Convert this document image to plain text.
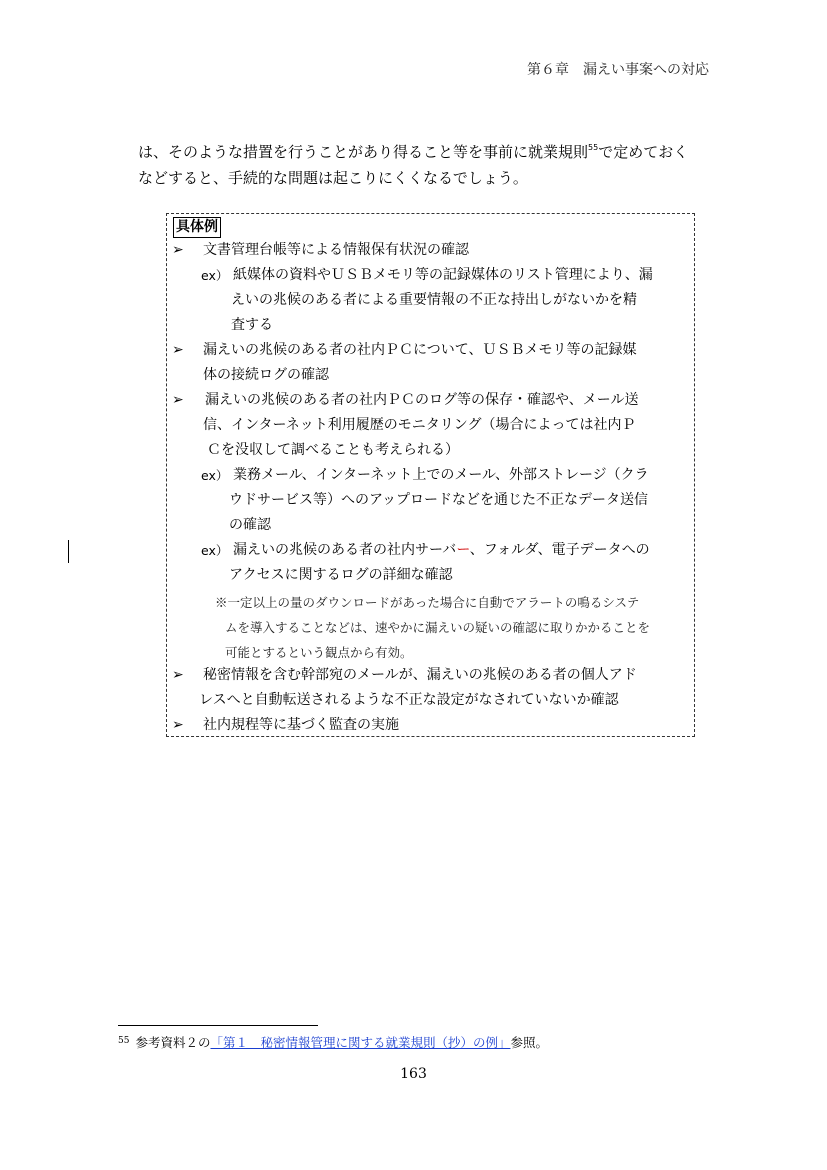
第６章　漏えい事案への対応
は、そのような措置を行うことがあり得ること等を事前に就業規則$^{55}$で定めておく
などすると、手続的な問題は起こりにくくなるでしょう。
具体例
➢ 文書管理台帳等による情報保有状況の確認
ex） 紙媒体の資料やＵＳＢメモリ等の記録媒体のリスト管理により、漏
えいの兆候のある者による重要情報の不正な持出しがないかを精
査する
➢ 漏えいの兆候のある者の社内ＰＣについて、ＵＳＢメモリ等の記録媒
体の接続ログの確認
➢ 漏えいの兆候のある者の社内ＰＣのログ等の保存・確認や、メール送
信、インターネット利用履歴のモニタリング（場合によっては社内Ｐ
Ｃを没収して調べることも考えられる）
ex） 業務メール、インターネット上でのメール、外部ストレージ（クラ
ウドサービス等）へのアップロードなどを通じた不正なデータ送信
の確認
ex） 漏えいの兆候のある者の社内サーバー、フォルダ、電子データへの
アクセスに関するログの詳細な確認
※一定以上の量のダウンロードがあった場合に自動でアラートの鳴るシステ
ムを導入することなどは、速やかに漏えいの疑いの確認に取りかかることを
可能とするという観点から有効。
➢ 秘密情報を含む幹部宛のメールが、漏えいの兆候のある者の個人アド
レスへと自動転送されるような不正な設定がなされていないか確認
➢ 社内規程等に基づく監査の実施
$^{55}$ 参考資料２の「第１　秘密情報管理に関する就業規則（抄）の例」参照。
163
